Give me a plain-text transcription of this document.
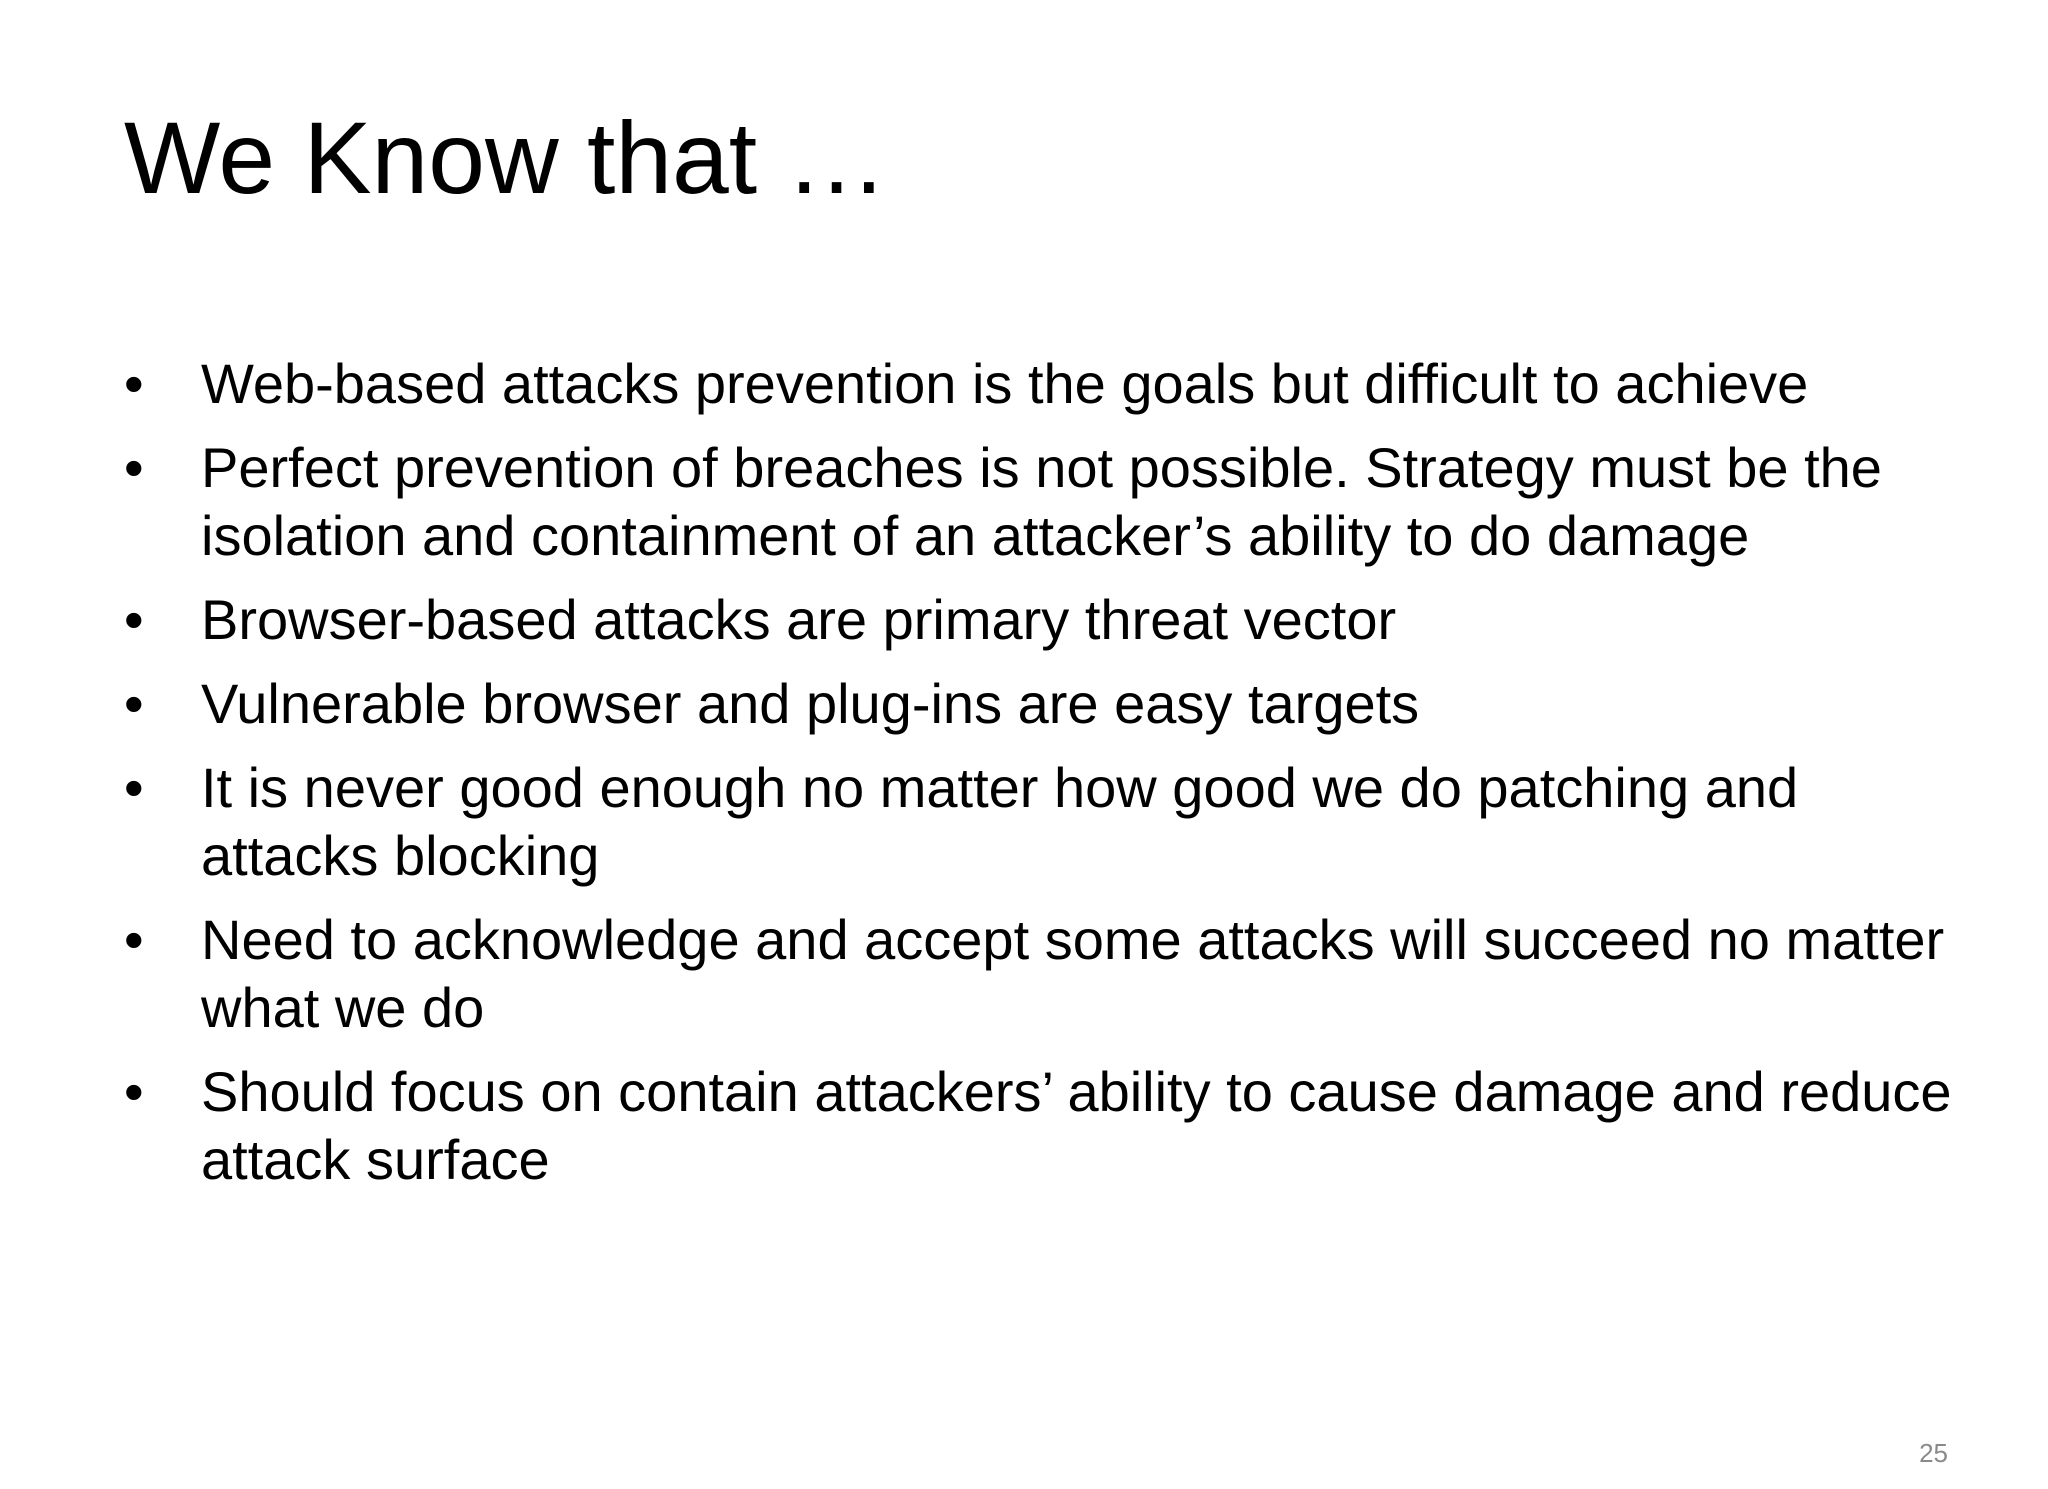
We Know that …
•	Web-based attacks prevention is the goals but difficult to achieve
•	Perfect prevention of breaches is not possible. Strategy must be the isolation and containment of an attacker’s ability to do damage
•	Browser-based attacks are primary threat vector
•	Vulnerable browser and plug-ins are easy targets
•	It is never good enough no matter how good we do patching and attacks blocking
•	Need to acknowledge and accept some attacks will succeed no matter what we do
•	Should focus on contain attackers’ ability to cause damage and reduce attack surface
25
